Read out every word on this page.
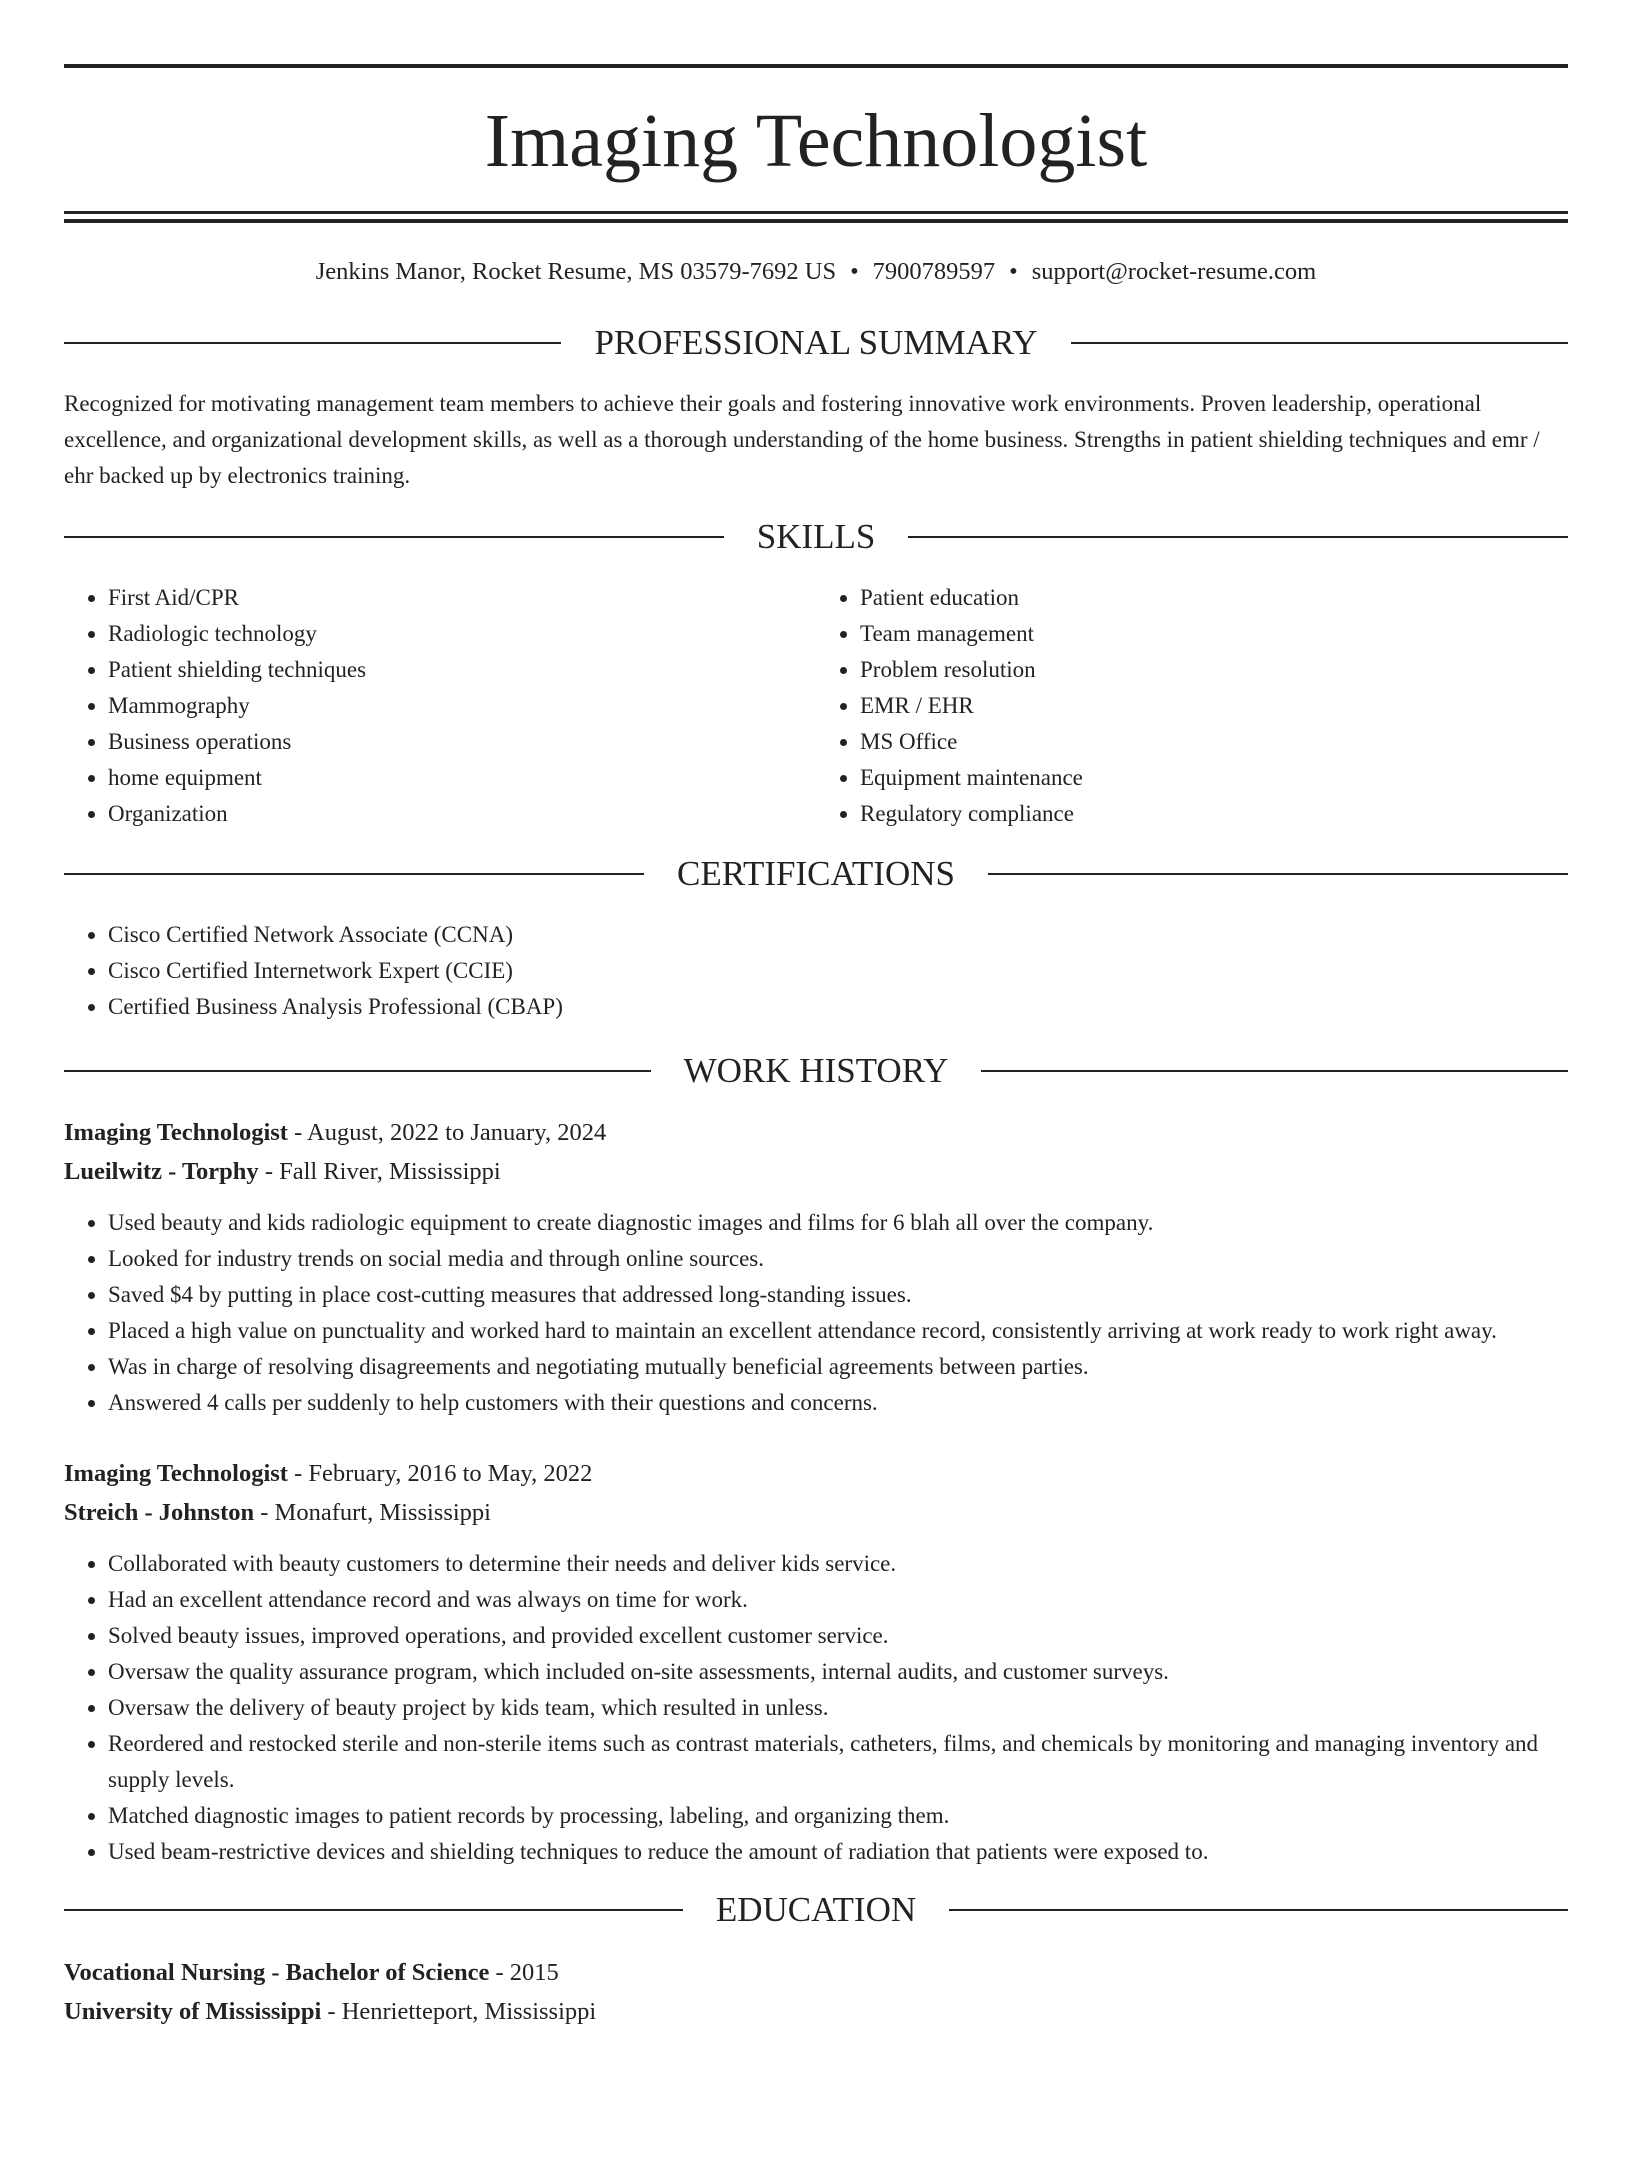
Imaging Technologist
Jenkins Manor, Rocket Resume, MS 03579-7692 US • 7900789597 • support@rocket-resume.com
PROFESSIONAL SUMMARY

Recognized for motivating management team members to achieve their goals and fostering innovative work environments. Proven leadership, operational excellence, and organizational development skills, as well as a thorough understanding of the home business. Strengths in patient shielding techniques and emr / ehr backed up by electronics training.

SKILLS
• First Aid/CPR
• Radiologic technology
• Patient shielding techniques
• Mammography
• Business operations
• home equipment
• Organization
• Patient education
• Team management
• Problem resolution
• EMR / EHR
• MS Office
• Equipment maintenance
• Regulatory compliance
CERTIFICATIONS
• Cisco Certified Network Associate (CCNA)
• Cisco Certified Internetwork Expert (CCIE)
• Certified Business Analysis Professional (CBAP)
WORK HISTORY
Imaging Technologist - August, 2022 to January, 2024
Lueilwitz - Torphy - Fall River, Mississippi
• Used beauty and kids radiologic equipment to create diagnostic images and films for 6 blah all over the company.
• Looked for industry trends on social media and through online sources.
• Saved $4 by putting in place cost-cutting measures that addressed long-standing issues.
• Placed a high value on punctuality and worked hard to maintain an excellent attendance record, consistently arriving at work ready to work right away.
• Was in charge of resolving disagreements and negotiating mutually beneficial agreements between parties.
• Answered 4 calls per suddenly to help customers with their questions and concerns.
Imaging Technologist - February, 2016 to May, 2022
Streich - Johnston - Monafurt, Mississippi
• Collaborated with beauty customers to determine their needs and deliver kids service.
• Had an excellent attendance record and was always on time for work.
• Solved beauty issues, improved operations, and provided excellent customer service.
• Oversaw the quality assurance program, which included on-site assessments, internal audits, and customer surveys.
• Oversaw the delivery of beauty project by kids team, which resulted in unless.
• Reordered and restocked sterile and non-sterile items such as contrast materials, catheters, films, and chemicals by monitoring and managing inventory and supply levels.
• Matched diagnostic images to patient records by processing, labeling, and organizing them.
• Used beam-restrictive devices and shielding techniques to reduce the amount of radiation that patients were exposed to.
EDUCATION
Vocational Nursing - Bachelor of Science - 2015
University of Mississippi - Henrietteport, Mississippi
